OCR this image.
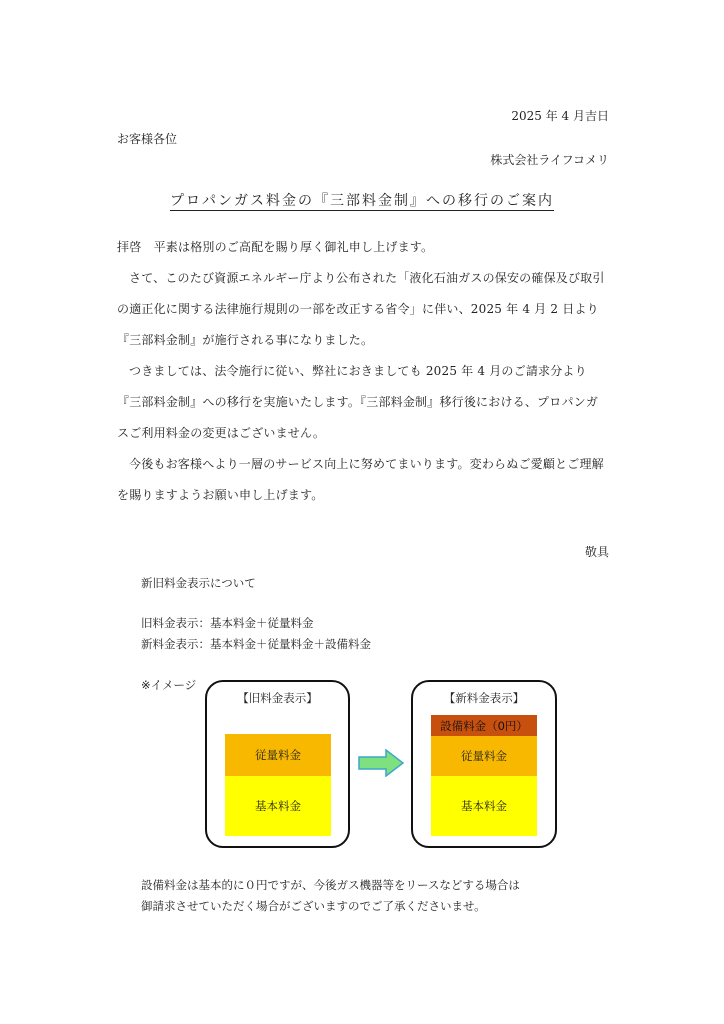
2025 年 4 月吉日
お客様各位
株式会社ライフコメリ
プロパンガス料金の『三部料金制』への移行のご案内

拝啓　平素は格別のご高配を賜り厚く御礼申し上げます。

さて、このたび資源エネルギー庁より公布された「液化石油ガスの保安の確保及び取引の適正化に関する法律施行規則の一部を改正する省令」に伴い、2025 年 4 月 2 日より『三部料金制』が施行される事になりました。

つきましては、法令施行に従い、弊社におきましても 2025 年 4 月のご請求分より『三部料金制』への移行を実施いたします。『三部料金制』移行後における、プロパンガスご利用料金の変更はございません。

今後もお客様へより一層のサービス向上に努めてまいります。変わらぬご愛顧とご理解を賜りますようお願い申し上げます。

敬具
新旧料金表示について
旧料金表示：基本料金＋従量料金
新料金表示：基本料金＋従量料金＋設備料金
※イメージ
【旧料金表示】
従量料金
基本料金
【新料金表示】
設備料金（0円）
従量料金
基本料金
設備料金は基本的に０円ですが、今後ガス機器等をリースなどする場合は
御請求させていただく場合がございますのでご了承くださいませ。
